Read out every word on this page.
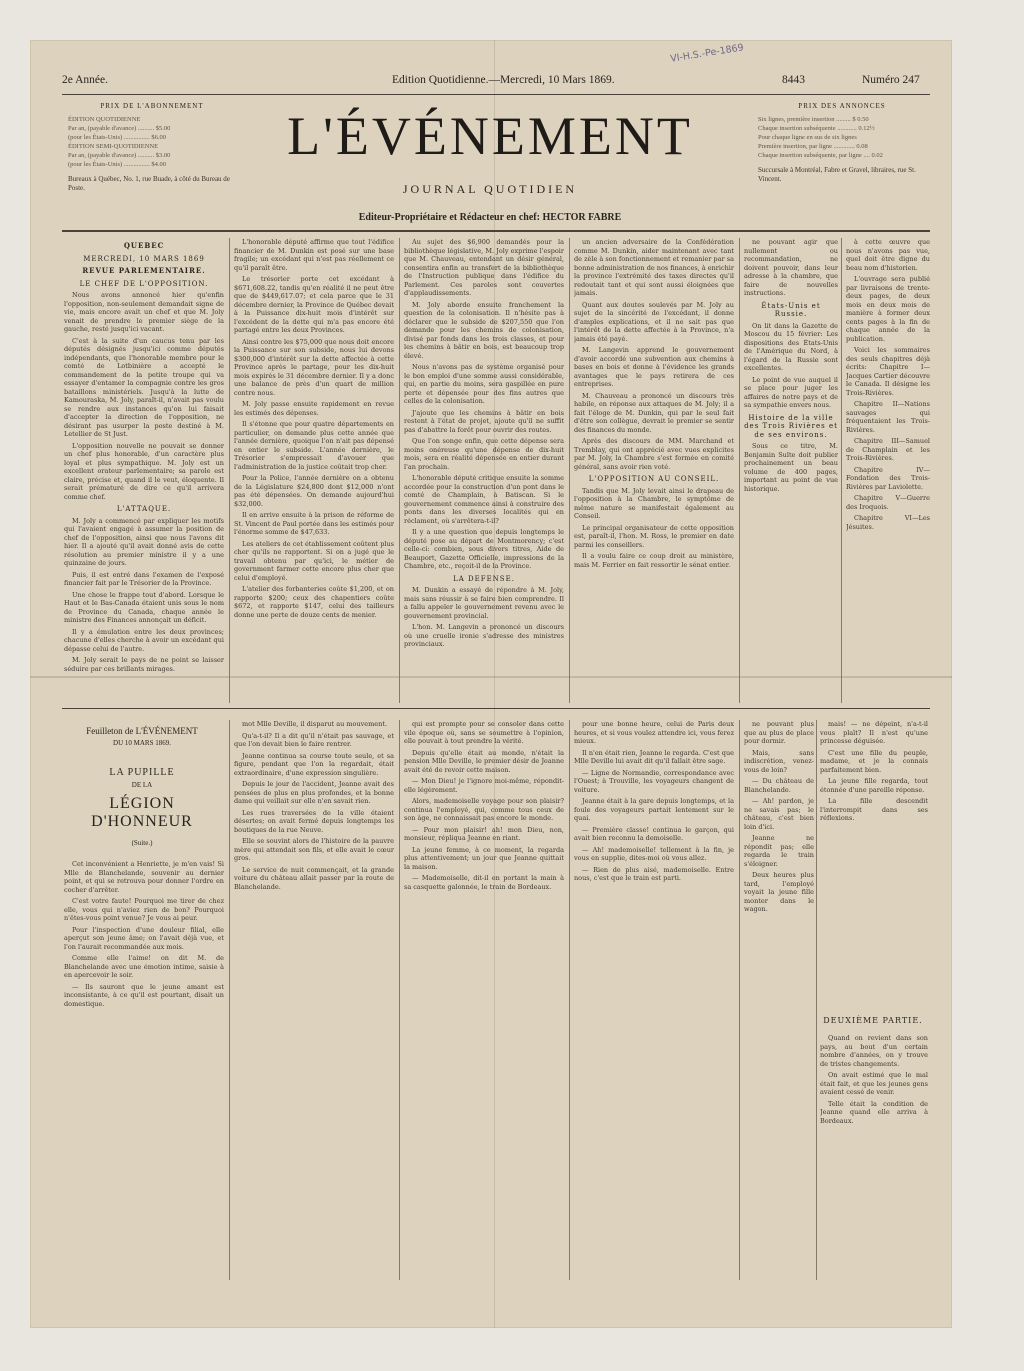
VI-H.S.-Pe-1869
2e Année.	Edition Quotidienne.—Mercredi, 10 Mars 1869.	8443	Numéro 247
PRIX DE L'ABONNEMENT
ÉDITION QUOTIDIENNE
Par an, (payable d'avance) .......... $5.00
(pour les États-Unis) ................ $6.00
ÉDITION SEMI-QUOTIDIENNE
Par an, (payable d'avance) .......... $3.00
(pour les États-Unis) ................ $4.00
Bureaux à Québec, No. 1, rue Buade, à côté du Bureau de Poste.
PRIX DES ANNONCES
Six lignes, première insertion ......... $ 0.50
Chaque insertion subséquente ............ 0.12½
Pour chaque ligne en sus de six lignes
Première insertion, par ligne ............. 0.08
Chaque insertion subséquente, par ligne .... 0.02
Succursale à Montréal, Fabre et Gravel, libraires, rue St. Vincent.
L'ÉVÉNEMENT
JOURNAL QUOTIDIEN
Editeur-Propriétaire et Rédacteur en chef: HECTOR FABRE
QUEBEC
MERCREDI, 10 MARS 1869
REVUE PARLEMENTAIRE.
LE CHEF DE L'OPPOSITION.
Nous avons annoncé hier qu'enfin l'opposition, non-seulement demandait signe de vie, mais encore avait un chef et que M. Joly venait de prendre le premier siège de la gauche, resté jusqu'ici vacant.
C'est à la suite d'un caucus tenu par les députés désignés jusqu'ici comme députés indépendants, que l'honorable membre pour le comté de Lotbinière a accepté le commandement de la petite troupe qui va essayer d'entamer la compagnie contre les gros bataillons ministériels. Jusqu'à la lutte de Kamouraska, M. Joly, paraît-il, n'avait pas voulu se rendre aux instances qu'on lui faisait d'accepter la direction de l'opposition, ne désirant pas usurper la poste destiné à M. Letellier de St Just.
L'opposition nouvelle ne pouvait se donner un chef plus honorable, d'un caractère plus loyal et plus sympathique. M. Joly est un excellent orateur parlementaire; sa parole est claire, précise et, quand il le veut, éloquente. Il serait prématuré de dire ce qu'il arrivera comme chef.
L'ATTAQUE.
M. Joly a commencé par expliquer les motifs qui l'avaient engagé à assumer la position de chef de l'opposition, ainsi que nous l'avons dit hier. Il a ajouté qu'il avait donné avis de cette résolution au premier ministre il y a une quinzaine de jours.
Puis, il est entré dans l'examen de l'exposé financier fait par le Trésorier de la Province.
Une chose le frappe tout d'abord. Lorsque le Haut et le Bas-Canada étaient unis sous le nom de Province du Canada, chaque année le ministre des Finances annonçait un déficit.
Il y a émulation entre les deux provinces; chacune d'elles cherche à avoir un excédant qui dépasse celui de l'autre.
M. Joly serait le pays de ne point se laisser séduire par ces brillants mirages.
L'honorable député affirme que tout l'édifice financier de M. Dunkin est posé sur une base fragile; un excédant qui n'est pas réellement ce qu'il paraît être.
Le trésorier porte cet excédant à $671,608.22, tandis qu'en réalité il ne peut être que de $449,617.07; et cela parce que le 31 décembre dernier, la Province de Québec devait à la Puissance dix-huit mois d'intérêt sur l'excédent de la dette qui m'a pas encore été partagé entre les deux Provinces.
Ainsi contre les $75,000 que nous doit encore la Puissance sur son subside, nous lui devons $300,000 d'intérêt sur la dette affectée à cette Province après le partage, pour les dix-huit mois expirés le 31 décembre dernier. Il y a donc une balance de près d'un quart de million contre nous.
M. Joly passe ensuite rapidement en revue les estimés des dépenses.
Il s'étonne que pour quatre départements en particulier, on demande plus cette année que l'année dernière, quoique l'on n'ait pas dépensé en entier le subside. L'année dernière, le Trésorier s'empressait d'avouer que l'administration de la justice coûtait trop cher.
Pour la Police, l'année dernière on a obtenu de la Législature $24,800 dont $12,000 n'ont pas été dépensées. On demande aujourd'hui $32,000.
Il en arrive ensuite à la prison de réforme de St. Vincent de Paul portée dans les estimés pour l'énorme somme de $47,633.
Les ateliers de cet établissement coûtent plus cher qu'ils ne rapportent. Si on a jugé que le travail obtenu par qu'ici, le métier de government farmer cette encore plus cher que celui d'employé.
L'atelier des forbanteries coûte $1,200, et on rapporte $200; ceux des chapentiers coûte $672, et rapporte $147, celui des tailleurs donne une perte de douze cents de menier.
Au sujet des $6,900 demandés pour la bibliothèque législative, M. Joly exprime l'espoir que M. Chauveau, entendant un désir général, consentira enfin au transfert de la bibliothèque de l'Instruction publique dans l'édifice du Parlement. Ces paroles sont couvertes d'applaudissements.
M. Joly aborde ensuite franchement la question de la colonisation. Il n'hésite pas à déclarer que le subside de $207,550 que l'on demande pour les chemins de colonisation, divisé par fonds dans les trois classes, et pour les chemins à bâtir en bois, est beaucoup trop élevé.
Nous n'avons pas de système organisé pour le bon emploi d'une somme aussi considérable, qui, en partie du moins, sera gaspillée en pure perte et dépensée pour des fins autres que celles de la colonisation.
J'ajoute que les chemins à bâtir en bois restent à l'état de projet, ajoute qu'il ne suffit pas d'abattre la forêt pour ouvrir des routes.
Que l'on songe enfin, que cette dépense sera moins onéreuse qu'une dépense de dix-huit mois, sera en réalité dépensée en entier durant l'an prochain.
L'honorable député critique ensuite la somme accordée pour la construction d'un pont dans le comté de Champlain, à Batiscan. Si le gouvernement commence ainsi à construire des ponts dans les diverses localités qui en réclament, où s'arrêtera-t-il?
Il y a une question que depuis longtemps le député pose au départ de Montmorency; c'est celle-ci: combien, sous divers titres, Aide de Beauport, Gazette Officielle, impressions de la Chambre, etc., reçoit-il de la Province.
LA DEFENSE.
M. Dunkin a essayé de répondre à M. Joly, mais sans réussir à se faire bien comprendre. Il a fallu appeler le gouvernement revenu avec le gouvernement provincial.
L'hon. M. Langevin a prononcé un discours où une cruelle ironie s'adresse des ministres provinciaux.
un ancien adversaire de la Confédération comme M. Dunkin, aider maintenant avec tant de zèle à son fonctionnement et remanier par sa bonne administration de nos finances, à enrichir la province l'extrémité des taxes directes qu'il redoutait tant et qui sont aussi éloignées que jamais.
Quant aux doutes soulevés par M. Joly au sujet de la sincérité de l'excédant, il donne d'amples explications, et il ne sait pas que l'intérêt de la dette affectée à la Province, n'a jamais été payé.
M. Langevin apprend le gouvernement d'avoir accordé une subvention aux chemins à bases en bois et donne à l'évidence les grands avantages que le pays retirera de ces entreprises.
M. Chauveau a prononcé un discours très habile, en réponse aux attaques de M. Joly; il a fait l'éloge de M. Dunkin, qui par le seul fait d'être son collègue, devrait le premier se sentir des finances du monde.
Après des discours de MM. Marchand et Tremblay, qui ont apprécié avec vues explicites par M. Joly, la Chambre s'est formée en comité général, sans avoir rien voté.
L'OPPOSITION AU CONSEIL.
Tandis que M. Joly levait ainsi le drapeau de l'opposition à la Chambre, le symptôme de même nature se manifestait également au Conseil.
Le principal organisateur de cette opposition est, paraît-il, l'hon. M. Ross, le premier en date parmi les conseillers.
Il a voulu faire ce coup droit au ministère, mais M. Ferrier en fait ressortir le sénat entier.
ne pouvant agir que nullement ou recommandation, ne doivent pouvoir, dans leur adresse à la chambre, que faire de nouvelles instructions.
États-Unis et Russie.
On lit dans la Gazette de Moscou du 15 février: Les dispositions des États-Unis de l'Amérique du Nord, à l'égard de la Russie sont excellentes.
Le point de vue auquel il se place pour juger les affaires de notre pays et de sa sympathie envers nous.
Histoire de la ville des Trois Rivières et de ses environs.
Sous ce titre, M. Benjamin Sulte doit publier prochainement un beau volume de 400 pages, important au point de vue historique.
à cette œuvre que nous n'avons pas vue, quel doit être digne du beau nom d'historien.
L'ouvrage sera publié par livraisons de trente-deux pages, de deux mois en deux mois de manière à former deux cents pages à la fin de chaque année de la publication.
Voici les sommaires des seuls chapitres déjà écrits: Chapitre I—Jacques Cartier découvre le Canada. Il désigne les Trois-Rivières.
Chapitre II—Nations sauvages qui fréquentaient les Trois-Rivières.
Chapitre III—Samuel de Champlain et les Trois-Rivières.
Chapitre IV—Fondation des Trois-Rivières par Laviolette.
Chapitre V—Guerre des Iroquois.
Chapitre VI—Les Jésuites.
Feuilleton de L'ÉVÉNEMENT
DU 10 MARS 1869.
LA PUPILLE
DE LA
LÉGION D'HONNEUR
(Suite.)
Cet inconvénient a Henriette, je m'en vais! Si Mlle de Blanchelande, souvenir au dernier point, et qui se retrouva pour donner l'ordre en cocher d'arrêter.
C'est votre faute! Pourquoi me tirer de chez elle, vous qui n'aviez rien de bon? Pourquoi n'êtes-vous point venue? Je vous ai peur.
Pour l'inspection d'une douleur filial, elle aperçut son jeune âme; on l'avait déjà vue, et l'on l'aurait recommandée aux mois.
Comme elle l'aime! on dit M. de Blanchelande avec une émotion intime, saisie à en apercevoir le soir.
— Ils sauront que le jeune amant est inconsistante, à ce qu'il est pourtant, disait un domestique.
mot Mlle Deville, il disparut au mouvement.
Qu'a-t-il? Il a dit qu'il n'était pas sauvage, et que l'on devait bien le faire rentrer.
Jeanne continua sa course toute seule, et sa figure, pendant que l'on la regardait, était extraordinaire, d'une expression singulière.
Depuis le jour de l'accident, Jeanne avait des pensées de plus en plus profondes, et la bonne dame qui veillait sur elle n'en savait rien.
Les rues traversées de la ville étaient désertes; on avait fermé depuis longtemps les boutiques de la rue Neuve.
Elle se souvint alors de l'histoire de la pauvre mère qui attendait son fils, et elle avait le cœur gros.
Le service de nuit commençait, et la grande voiture du château allait passer par la route de Blanchelande.
qui est prompte pour se consoler dans cette vile époque où, sans se soumettre à l'opinion, elle pouvait à tout prendre la vérité.
Depuis qu'elle était au monde, n'était la pension Mlle Deville, le premier désir de Jeanne avait été de revoir cette maison.
— Mon Dieu! je l'ignore moi-même, répondit-elle légèrement.
Alors, mademoiselle voyage pour son plaisir? continua l'employé, qui, comme tous ceux de son âge, ne connaissait pas encore le monde.
— Pour mon plaisir! ah! mon Dieu, non, monsieur, répliqua Jeanne en riant.
La jeune femme, à ce moment, la regarda plus attentivement; un jour que Jeanne quittait la maison.
— Mademoiselle, dit-il en portant la main à sa casquette galonnée, le train de Bordeaux.
pour une bonne heure, celui de Paris deux heures, et si vous voulez attendre ici, vous ferez mieux.
Il n'en était rien, Jeanne le regarda. C'est que Mlle Deville lui avait dit qu'il fallait être sage.
— Ligne de Normandie, correspondance avec l'Ouest; à Trouville, les voyageurs changent de voiture.
Jeanne était à la gare depuis longtemps, et la foule des voyageurs partait lentement sur le quai.
— Première classe! continua le garçon, qui avait bien reconnu la demoiselle.
— Ah! mademoiselle! tellement à la fin, je vous en supplie, dites-moi où vous allez.
— Rien de plus aisé, mademoiselle. Entre nous, c'est que le train est parti.
ne pouvant plus que au plus de place pour dormir.
Mais, sans indiscrétion, venez-vous de loin?
— Du château de Blanchelande.
— Ah! pardon, je ne savais pas; le château, c'est bien loin d'ici.
Jeanne ne répondit pas; elle regarda le train s'éloigner.
Deux heures plus tard, l'employé voyait la jeune fille monter dans le wagon.
mais! — ne dépeint, n'a-t-il vous plaît? Il n'est qu'une princesse déguisée.
C'est une fille du peuple, madame, et je la connais parfaitement bien.
La jeune fille regarda, tout étonnée d'une pareille réponse.
La fille descendit l'interrompit dans ses réflexions.
DEUXIÈME PARTIE.
Quand on revient dans son pays, au bout d'un certain nombre d'années, on y trouve de tristes changements.
On avait estimé que le mal était fait, et que les jeunes gens avaient cessé de venir.
Telle était la condition de Jeanne quand elle arriva à Bordeaux.
